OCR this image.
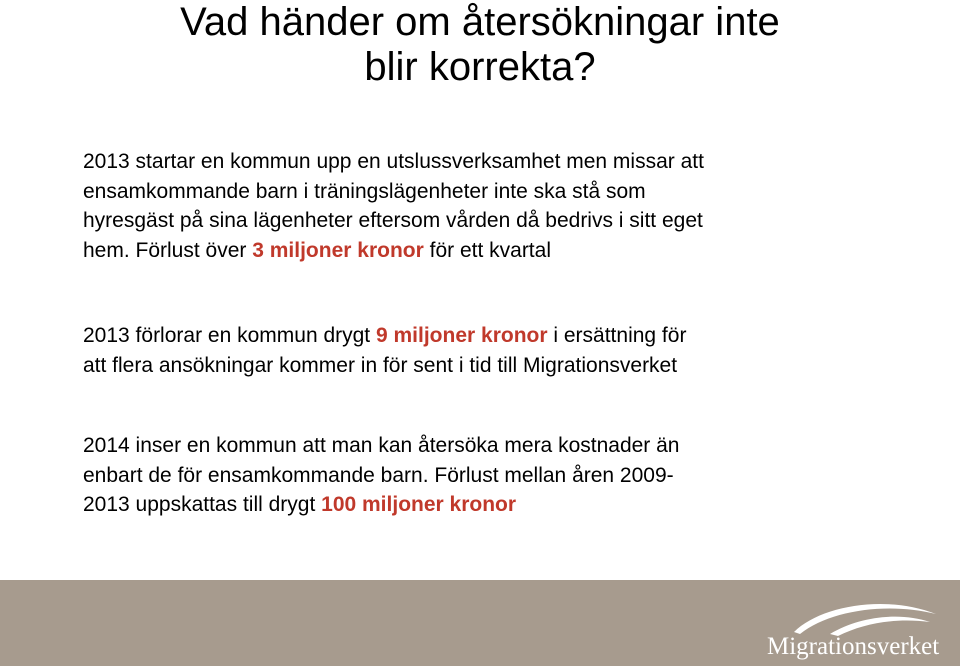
Vad händer om återsökningar inte
blir korrekta?

2013 startar en kommun upp en utslussverksamhet men missar att
ensamkommande barn i träningslägenheter inte ska stå som
hyresgäst på sina lägenheter eftersom vården då bedrivs i sitt eget
hem. Förlust över 3 miljoner kronor för ett kvartal

2013 förlorar en kommun drygt 9 miljoner kronor i ersättning för
att flera ansökningar kommer in för sent i tid till Migrationsverket

2014 inser en kommun att man kan återsöka mera kostnader än
enbart de för ensamkommande barn. Förlust mellan åren 2009-
2013 uppskattas till drygt 100 miljoner kronor

Migrationsverket
